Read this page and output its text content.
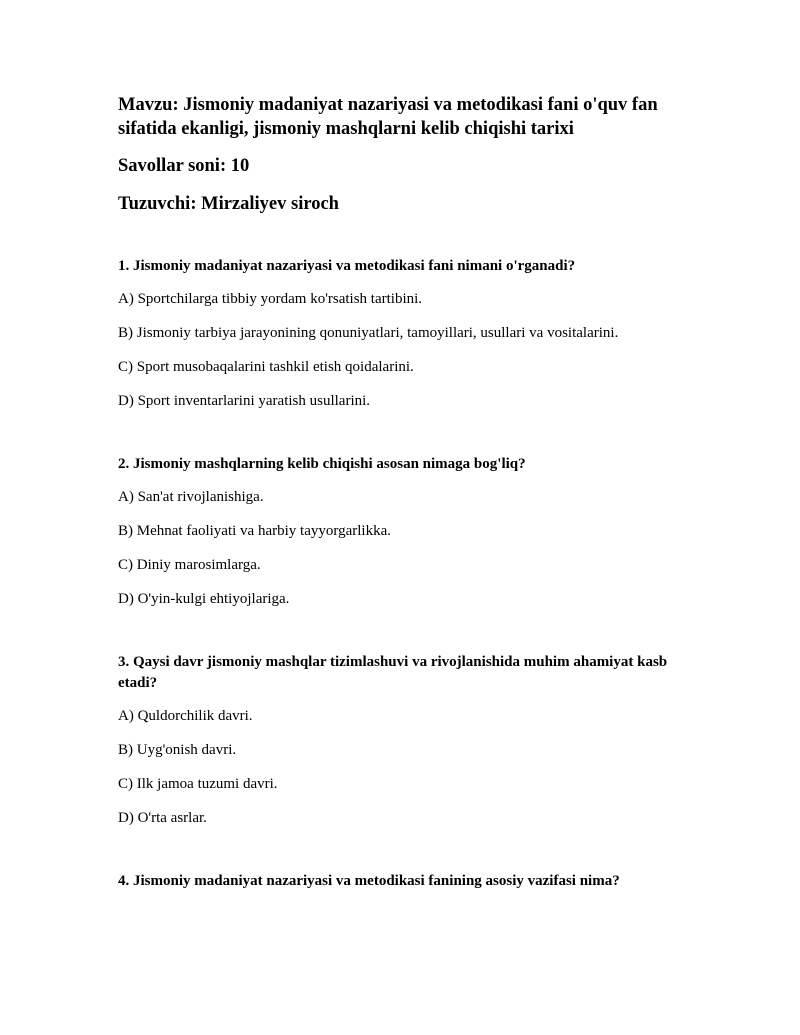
Mavzu: Jismoniy madaniyat nazariyasi va metodikasi fani o'quv fan sifatida ekanligi, jismoniy mashqlarni kelib chiqishi tarixi

Savollar soni: 10

Tuzuvchi: Mirzaliyev siroch

1. Jismoniy madaniyat nazariyasi va metodikasi fani nimani o'rganadi?

A) Sportchilarga tibbiy yordam ko'rsatish tartibini.

B) Jismoniy tarbiya jarayonining qonuniyatlari, tamoyillari, usullari va vositalarini.

C) Sport musobaqalarini tashkil etish qoidalarini.

D) Sport inventarlarini yaratish usullarini.

2. Jismoniy mashqlarning kelib chiqishi asosan nimaga bog'liq?

A) San'at rivojlanishiga.

B) Mehnat faoliyati va harbiy tayyorgarlikka.

C) Diniy marosimlarga.

D) O'yin-kulgi ehtiyojlariga.

3. Qaysi davr jismoniy mashqlar tizimlashuvi va rivojlanishida muhim ahamiyat kasb etadi?

A) Quldorchilik davri.

B) Uyg'onish davri.

C) Ilk jamoa tuzumi davri.

D) O'rta asrlar.

4. Jismoniy madaniyat nazariyasi va metodikasi fanining asosiy vazifasi nima?
